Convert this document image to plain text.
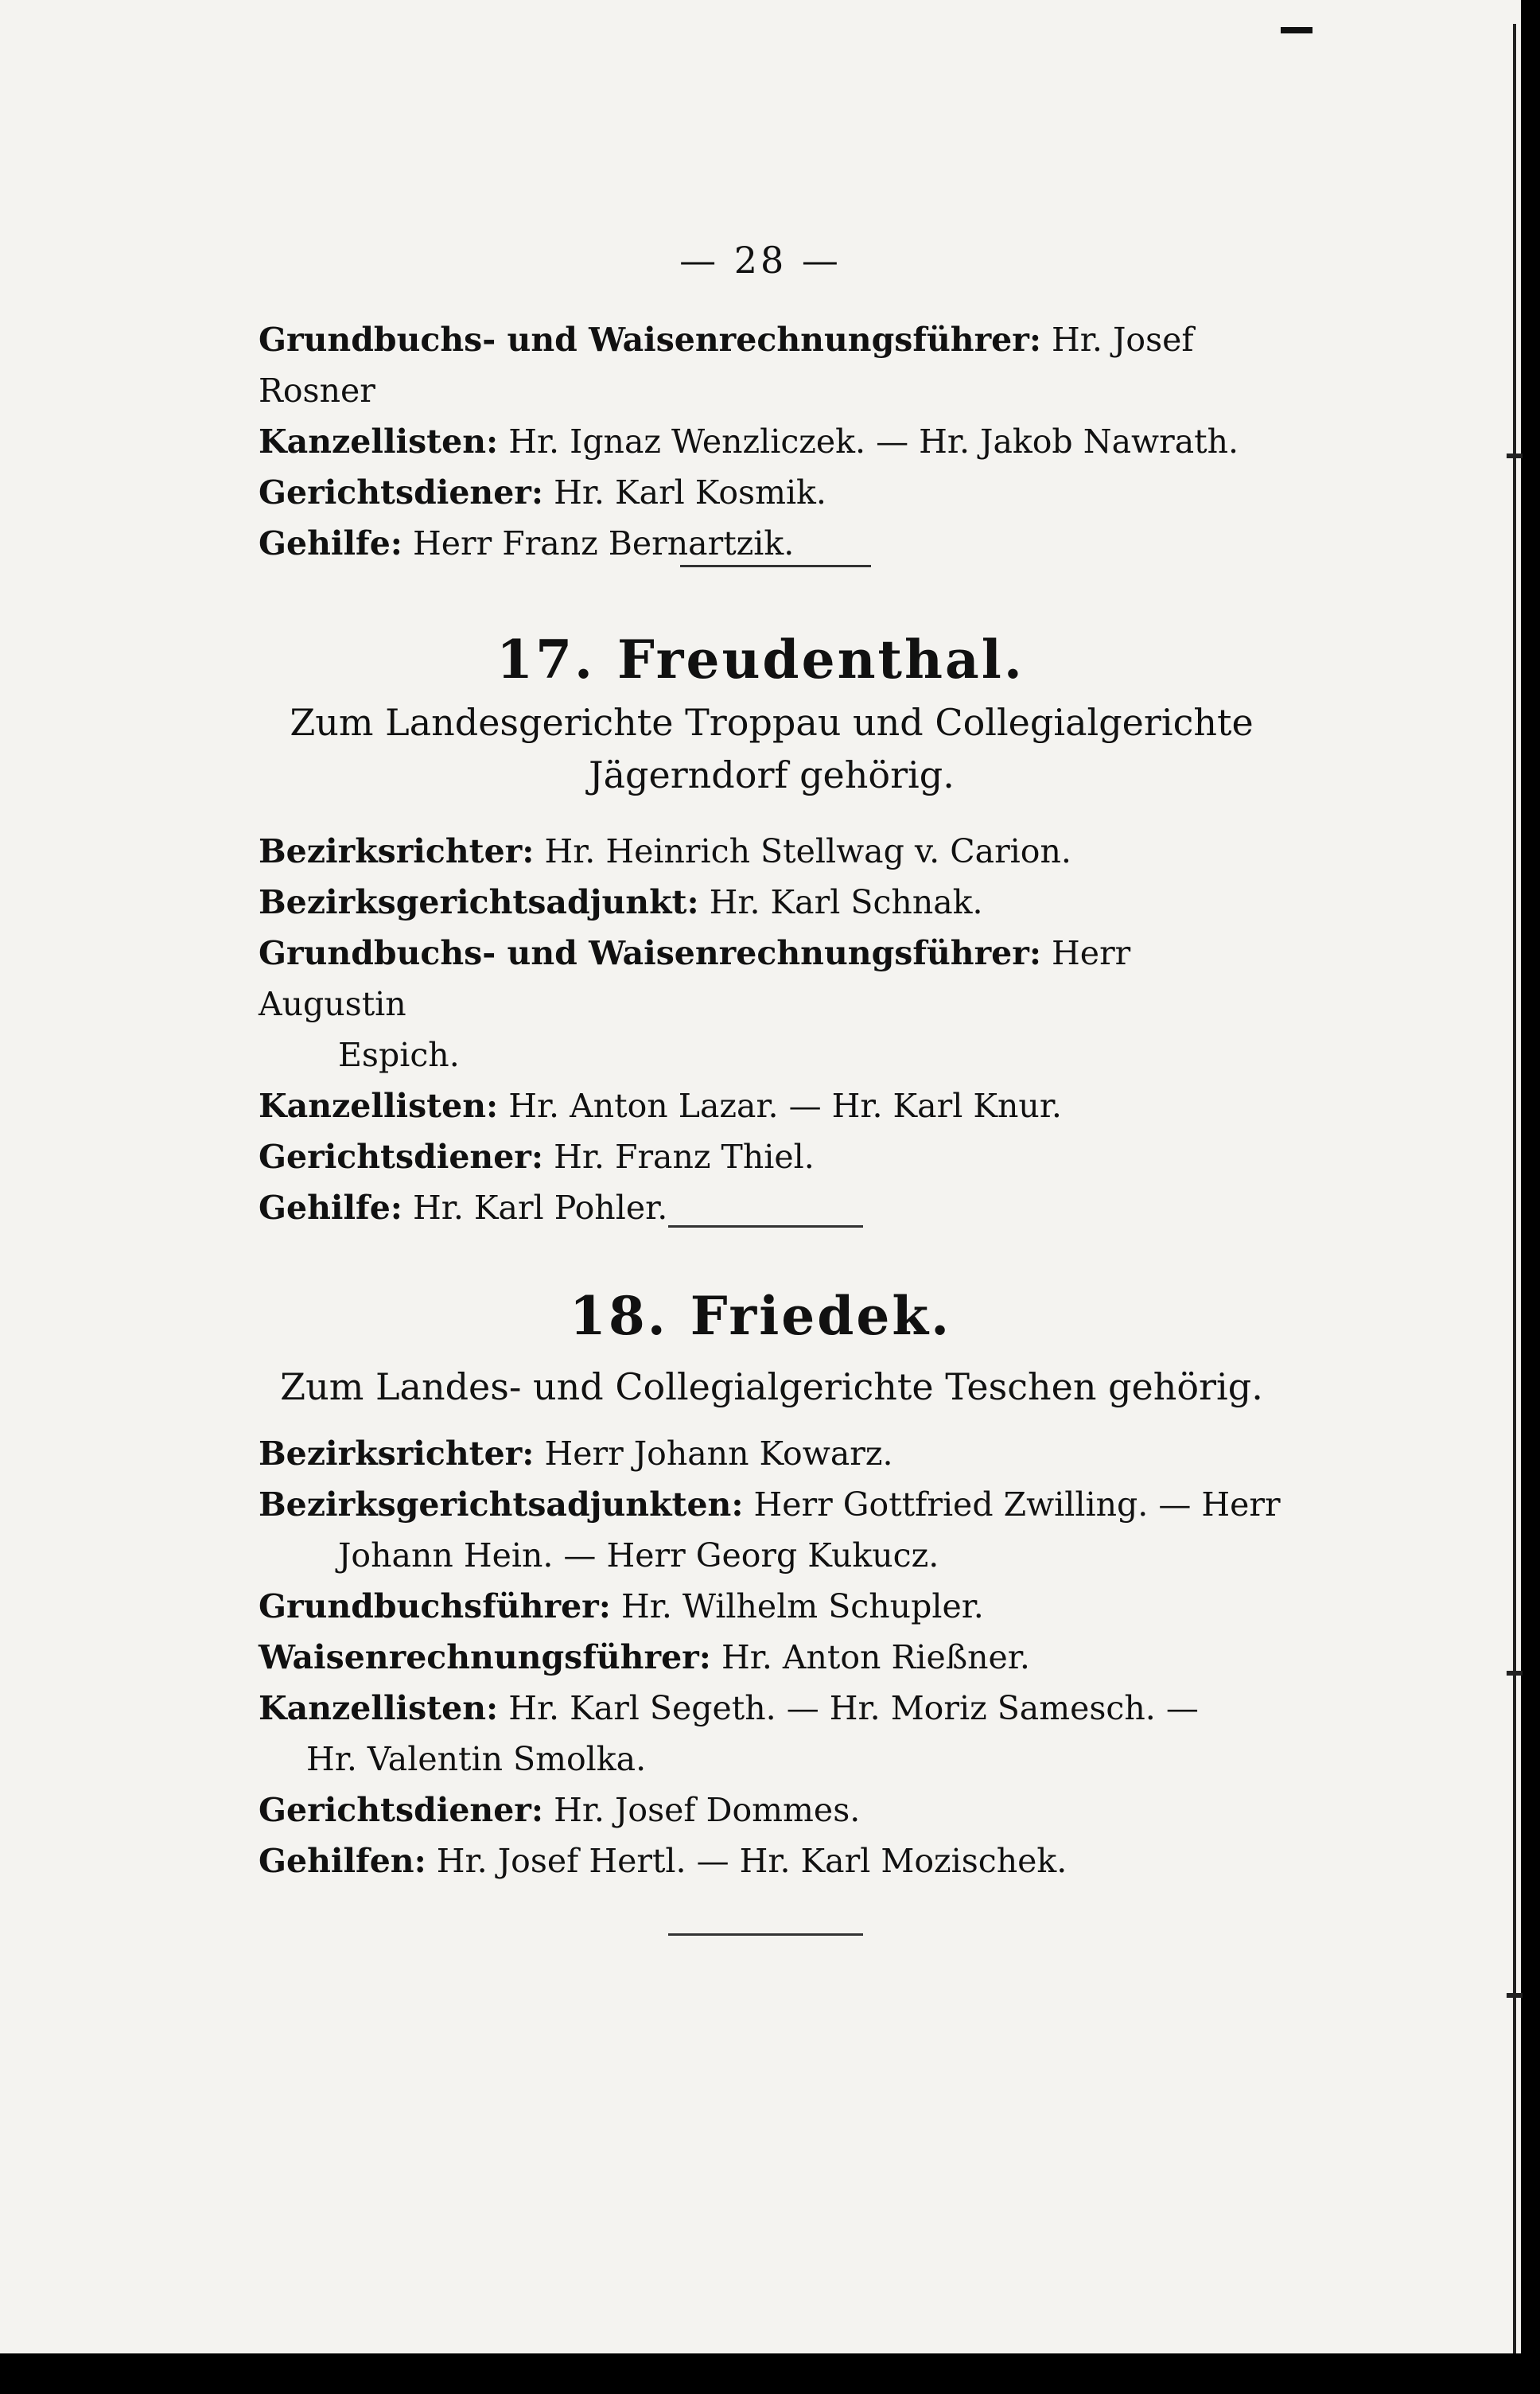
— 28 —

Grundbuchs- und Waisenrechnungsführer: Hr. Josef Rosner

Kanzellisten: Hr. Ignaz Wenzliczek. — Hr. Jakob Nawrath.

Gerichtsdiener: Hr. Karl Kosmik.

Gehilfe: Herr Franz Bernartzik.

17. Freudenthal.
Zum Landesgerichte Troppau und Collegialgerichte Jägerndorf gehörig.

Bezirksrichter: Hr. Heinrich Stellwag v. Carion.

Bezirksgerichtsadjunkt: Hr. Karl Schnak.

Grundbuchs- und Waisenrechnungsführer: Herr Augustin
Espich.

Kanzellisten: Hr. Anton Lazar. — Hr. Karl Knur.

Gerichtsdiener: Hr. Franz Thiel.

Gehilfe: Hr. Karl Pohler.

18. Friedek.
Zum Landes- und Collegialgerichte Teschen gehörig.

Bezirksrichter: Herr Johann Kowarz.

Bezirksgerichtsadjunkten: Herr Gottfried Zwilling. — Herr
Johann Hein. — Herr Georg Kukucz.

Grundbuchsführer: Hr. Wilhelm Schupler.

Waisenrechnungsführer: Hr. Anton Rießner.

Kanzellisten: Hr. Karl Segeth. — Hr. Moriz Samesch. —
Hr. Valentin Smolka.

Gerichtsdiener: Hr. Josef Dommes.

Gehilfen: Hr. Josef Hertl. — Hr. Karl Mozischek.
